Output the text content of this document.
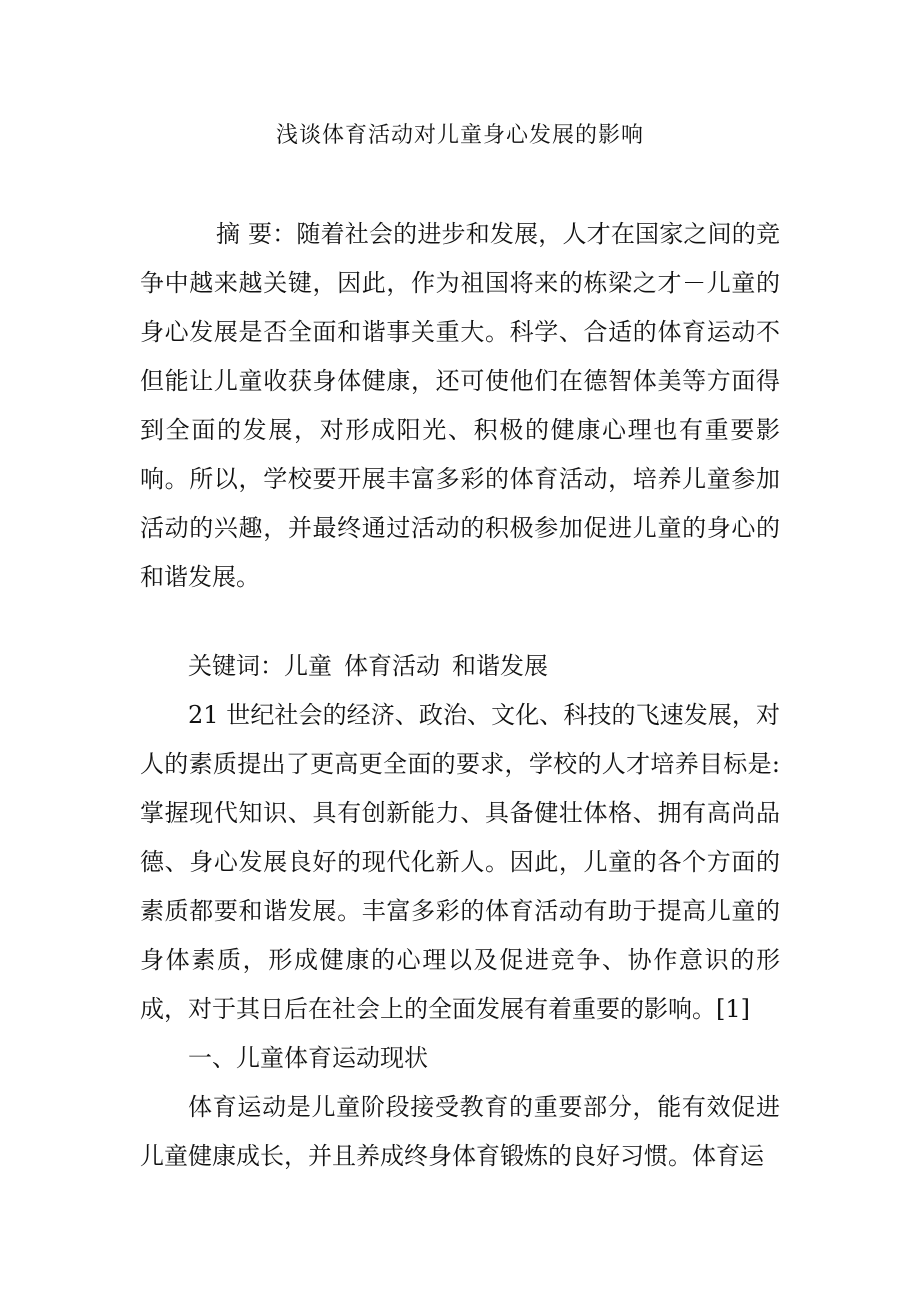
浅谈体育活动对儿童身心发展的影响

摘 要：随着社会的进步和发展，人才在国家之间的竞争中越来越关键，因此，作为祖国将来的栋梁之才－儿童的身心发展是否全面和谐事关重大。科学、合适的体育运动不但能让儿童收获身体健康，还可使他们在德智体美等方面得到全面的发展，对形成阳光、积极的健康心理也有重要影响。所以，学校要开展丰富多彩的体育活动，培养儿童参加活动的兴趣，并最终通过活动的积极参加促进儿童的身心的和谐发展。

关键词：儿童 体育活动 和谐发展

21 世纪社会的经济、政治、文化、科技的飞速发展，对人的素质提出了更高更全面的要求，学校的人才培养目标是:掌握现代知识、具有创新能力、具备健壮体格、拥有高尚品德、身心发展良好的现代化新人。因此，儿童的各个方面的素质都要和谐发展。丰富多彩的体育活动有助于提高儿童的身体素质，形成健康的心理以及促进竞争、协作意识的形成，对于其日后在社会上的全面发展有着重要的影响。[1]

一、儿童体育运动现状

体育运动是儿童阶段接受教育的重要部分，能有效促进儿童健康成长，并且养成终身体育锻炼的良好习惯。体育运
